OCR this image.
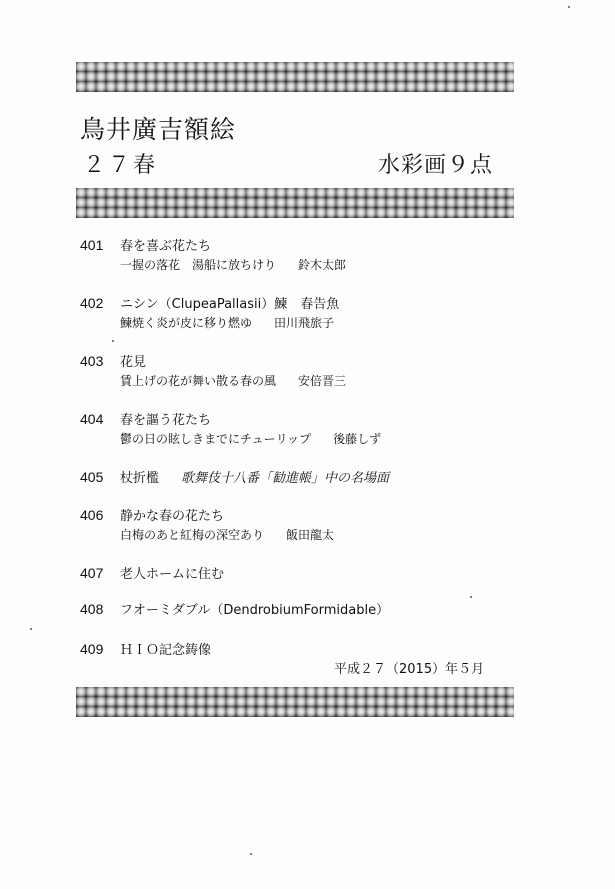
鳥井廣吉額絵
２７春	水彩画９点
401 春を喜ぶ花たち
一握の落花　湯船に放ちけり 鈴木太郎
402 ニシン（ClupeaPallasii）鰊　春告魚
鰊焼く炎が皮に移り燃ゆ 田川飛旅子
403 花見
賃上げの花が舞い散る春の風 安倍晋三
404 春を謳う花たち
鬱の日の眩しきまでにチューリップ 後藤しず
405 杖折檻 歌舞伎十八番「勧進帳」中の名場面
406 静かな春の花たち
白梅のあと紅梅の深空あり 飯田龍太
407 老人ホームに住む
408 フオーミダブル（DendrobiumFormidable）
409 ＨＩＯ記念鋳像
平成２７（2015）年５月
